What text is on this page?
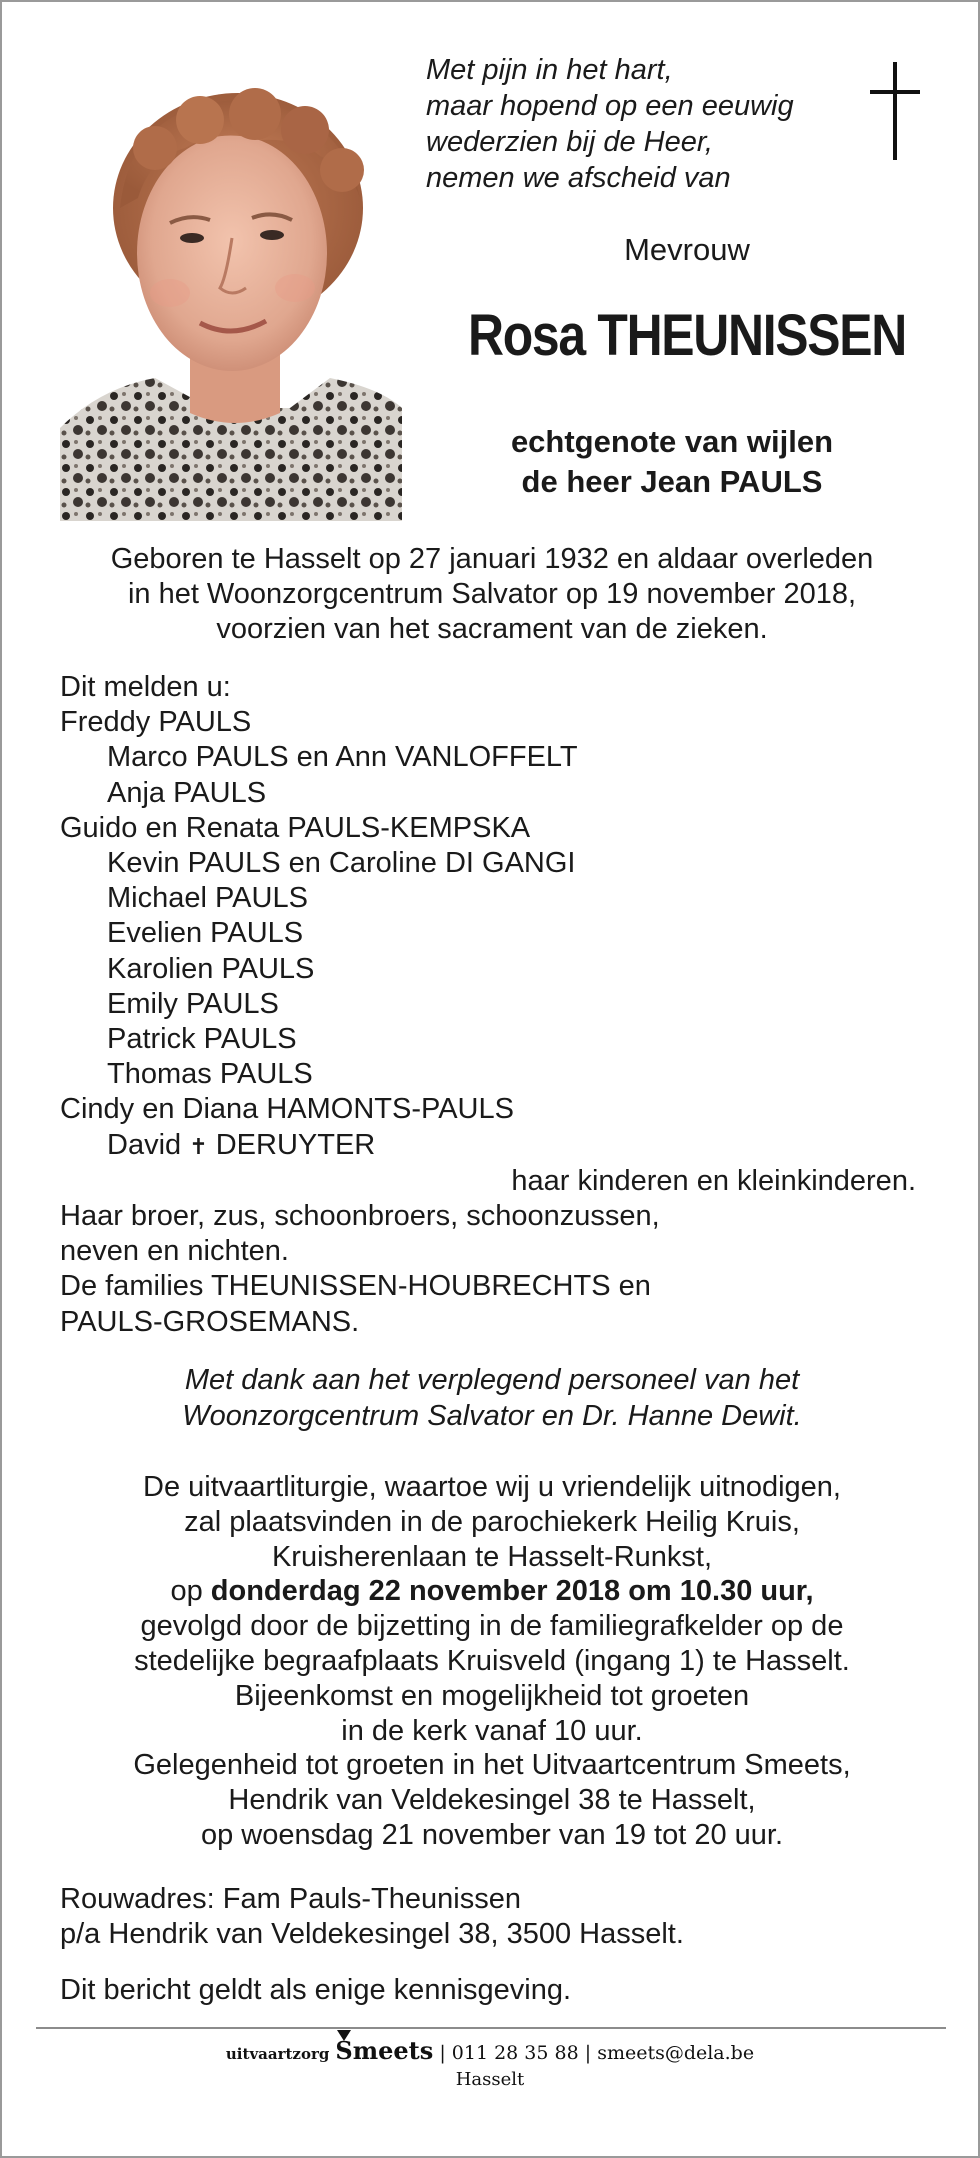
Met pijn in het hart,
maar hopend op een eeuwig
wederzien bij de Heer,
nemen we afscheid van
Mevrouw
Rosa THEUNISSEN
echtgenote van wijlen
de heer Jean PAULS
Geboren te Hasselt op 27 januari 1932 en aldaar overleden
in het Woonzorgcentrum Salvator op 19 november 2018,
voorzien van het sacrament van de zieken.
Dit melden u:
Freddy PAULS
Marco PAULS en Ann VANLOFFELT
Anja PAULS
Guido en Renata PAULS-KEMPSKA
Kevin PAULS en Caroline DI GANGI
Michael PAULS
Evelien PAULS
Karolien PAULS
Emily PAULS
Patrick PAULS
Thomas PAULS
Cindy en Diana HAMONTS-PAULS
David ✝ DERUYTER
haar kinderen en kleinkinderen.
Haar broer, zus, schoonbroers, schoonzussen,
neven en nichten.
De families THEUNISSEN-HOUBRECHTS en
PAULS-GROSEMANS.
Met dank aan het verplegend personeel van het
Woonzorgcentrum Salvator en Dr. Hanne Dewit.
De uitvaartliturgie, waartoe wij u vriendelijk uitnodigen,
zal plaatsvinden in de parochiekerk Heilig Kruis,
Kruisherenlaan te Hasselt-Runkst,
op donderdag 22 november 2018 om 10.30 uur,
gevolgd door de bijzetting in de familiegrafkelder op de
stedelijke begraafplaats Kruisveld (ingang 1) te Hasselt.
Bijeenkomst en mogelijkheid tot groeten
in de kerk vanaf 10 uur.
Gelegenheid tot groeten in het Uitvaartcentrum Smeets,
Hendrik van Veldekesingel 38 te Hasselt,
op woensdag 21 november van 19 tot 20 uur.
Rouwadres: Fam Pauls-Theunissen
p/a Hendrik van Veldekesingel 38, 3500 Hasselt.
Dit bericht geldt als enige kennisgeving.
uitvaartzorg Smeets | 011 28 35 88 | smeets@dela.be
Hasselt
